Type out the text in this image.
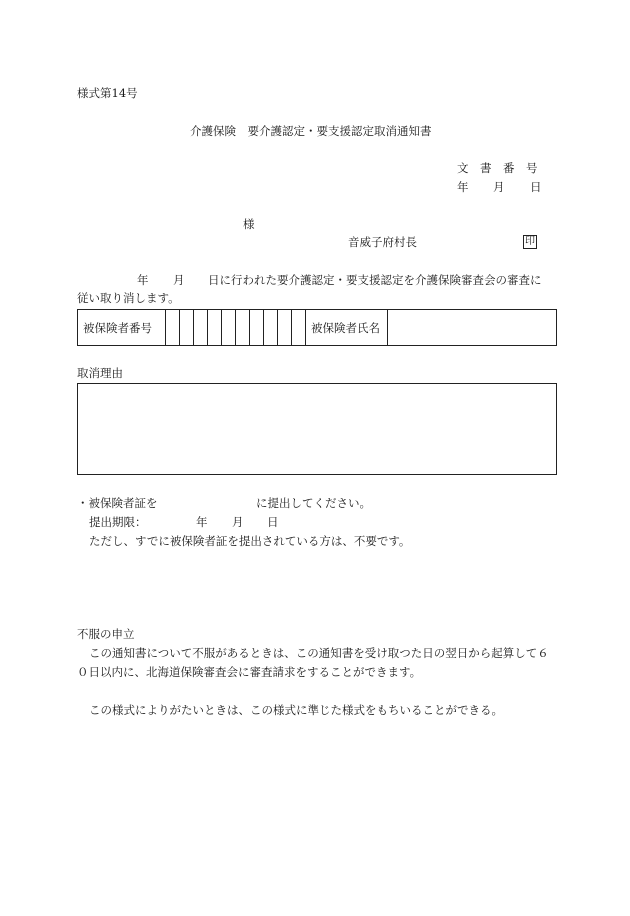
様式第14号
介護保険　要介護認定・要支援認定取消通知書
文　書　番　号
年 月 日
様
音威子府村長	印
年 月 日に行われた要介護認定・要支援認定を介護保険審査会の審査に
従い取り消します。
被保険者番号	被保険者氏名
取消理由
・被保険者証を	に提出してください。
提出期限：	年 月 日
ただし、すでに被保険者証を提出されている方は、不要です。
不服の申立
この通知書について不服があるときは、この通知書を受け取つた日の翌日から起算して６
０日以内に、北海道保険審査会に審査請求をすることができます。
この様式によりがたいときは、この様式に準じた様式をもちいることができる。
